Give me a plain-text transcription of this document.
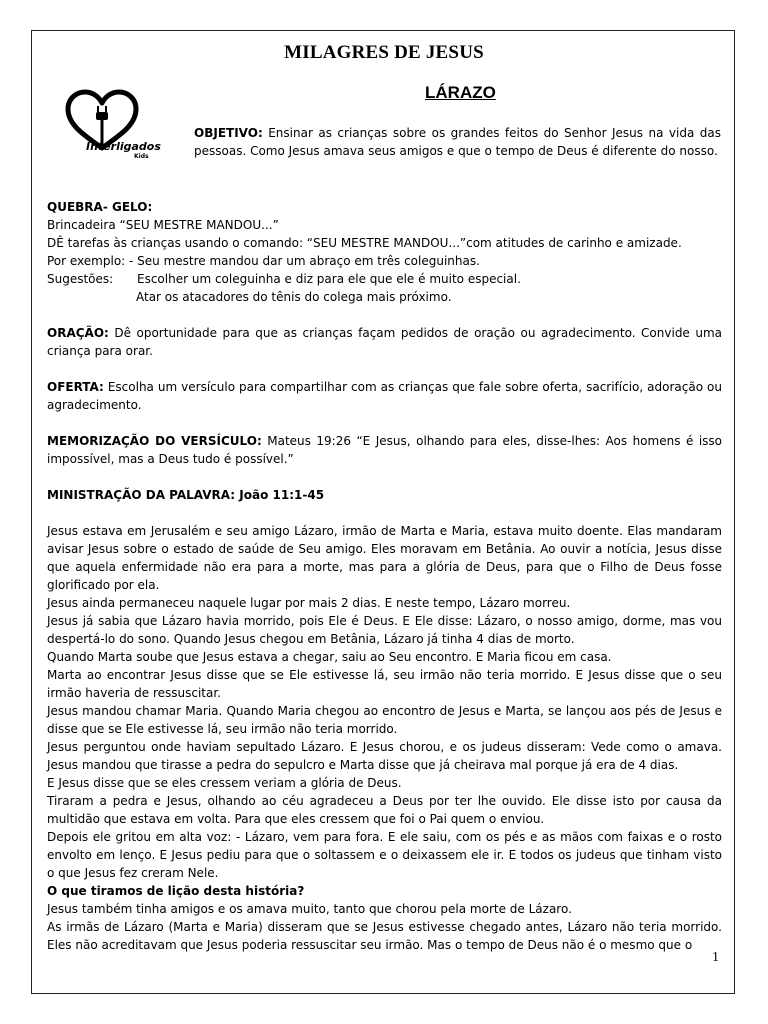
MILAGRES DE JESUS
LÁRAZO
Interligados
Kids
OBJETIVO: Ensinar as crianças sobre os grandes feitos do Senhor Jesus na vida das pessoas. Como Jesus amava seus amigos e que o tempo de Deus é diferente do nosso.

QUEBRA- GELO:

Brincadeira “SEU MESTRE MANDOU...”

DÊ tarefas às crianças usando o comando: “SEU MESTRE MANDOU...”com atitudes de carinho e amizade.

Por exemplo: - Seu mestre mandou dar um abraço em três coleguinhas.

Sugestões: Escolher um coleguinha e diz para ele que ele é muito especial.

Atar os atacadores do tênis do colega mais próximo.

ORAÇÃO: Dê oportunidade para que as crianças façam pedidos de oração ou agradecimento. Convide uma criança para orar.

OFERTA: Escolha um versículo para compartilhar com as crianças que fale sobre oferta, sacrifício, adoração ou agradecimento.

MEMORIZAÇÃO DO VERSÍCULO: Mateus 19:26 “E Jesus, olhando para eles, disse-lhes: Aos homens é isso impossível, mas a Deus tudo é possível.”

MINISTRAÇÃO DA PALAVRA: João 11:1-45

Jesus estava em Jerusalém e seu amigo Lázaro, irmão de Marta e Maria, estava muito doente. Elas mandaram avisar Jesus sobre o estado de saúde de Seu amigo. Eles moravam em Betânia. Ao ouvir a notícia, Jesus disse que aquela enfermidade não era para a morte, mas para a glória de Deus, para que o Filho de Deus fosse glorificado por ela.

Jesus ainda permaneceu naquele lugar por mais 2 dias. E neste tempo, Lázaro morreu.

Jesus já sabia que Lázaro havia morrido, pois Ele é Deus. E Ele disse: Lázaro, o nosso amigo, dorme, mas vou despertá-lo do sono. Quando Jesus chegou em Betânia, Lázaro já tinha 4 dias de morto.

Quando Marta soube que Jesus estava a chegar, saiu ao Seu encontro. E Maria ficou em casa.

Marta ao encontrar Jesus disse que se Ele estivesse lá, seu irmão não teria morrido. E Jesus disse que o seu irmão haveria de ressuscitar.

Jesus mandou chamar Maria. Quando Maria chegou ao encontro de Jesus e Marta, se lançou aos pés de Jesus e disse que se Ele estivesse lá, seu irmão não teria morrido.

Jesus perguntou onde haviam sepultado Lázaro. E Jesus chorou, e os judeus disseram: Vede como o amava. Jesus mandou que tirasse a pedra do sepulcro e Marta disse que já cheirava mal porque já era de 4 dias.

E Jesus disse que se eles cressem veriam a glória de Deus.

Tiraram a pedra e Jesus, olhando ao céu agradeceu a Deus por ter lhe ouvido. Ele disse isto por causa da multidão que estava em volta. Para que eles cressem que foi o Pai quem o enviou.

Depois ele gritou em alta voz: - Lázaro, vem para fora. E ele saiu, com os pés e as mãos com faixas e o rosto envolto em lenço. E Jesus pediu para que o soltassem e o deixassem ele ir. E todos os judeus que tinham visto o que Jesus fez creram Nele.

O que tiramos de lição desta história?

Jesus também tinha amigos e os amava muito, tanto que chorou pela morte de Lázaro.

As irmãs de Lázaro (Marta e Maria) disseram que se Jesus estivesse chegado antes, Lázaro não teria morrido. Eles não acreditavam que Jesus poderia ressuscitar seu irmão. Mas o tempo de Deus não é o mesmo que o

1
